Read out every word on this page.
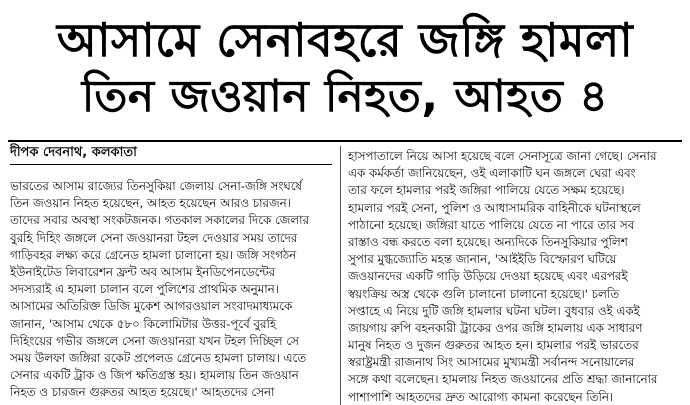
আসামে সেনাবহরে জঙ্গি হামলা
তিন জওয়ান নিহত, আহত ৪
দীপক দেবনাথ, কলকাতা
ভারতের আসাম রাজ্যের তিনসুকিয়া জেলায় সেনা-জঙ্গি সংঘর্ষে
তিন জওয়ান নিহত হয়েছেন, আহত হয়েছেন আরও চারজন।
তাদের সবার অবস্থা সংকটজনক। গতকাল সকালের দিকে জেলার
বুরহি দিহিং জঙ্গলে সেনা জওয়ানরা টহল দেওয়ার সময় তাদের
গাড়িবহর লক্ষ্য করে গ্রেনেড হামলা চালানো হয়। জঙ্গি সংগঠন
ইউনাইটেড লিবারেশন ফ্রন্ট অব আসাম ইনডিপেনডেন্টের
সদস্যরাই এ হামলা চালান বলে পুলিশের প্রাথমিক অনুমান।
আসামের অতিরিক্ত ডিজি মুকেশ আগরওয়াল সংবাদমাধ্যমকে
জানান, 'আসাম থেকে ৫৮০ কিলোমিটার উত্তর-পূর্বে বুরহি
দিহিংয়ের গভীর জঙ্গলে সেনা জওয়ানরা যখন টহল দিচ্ছিল সে
সময় উলফা জঙ্গিরা রকেট প্রপেলড গ্রেনেড হামলা চালায়। এতে
সেনার একটি ট্রাক ও জিপ ক্ষতিগ্রস্ত হয়। হামলায় তিন জওয়ান
নিহত ও চারজন গুরুতর আহত হয়েছে।' আহতদের সেনা
হাসপাতালে নিয়ে আসা হয়েছে বলে সেনাসূত্রে জানা গেছে। সেনার
এক কর্মকর্তা জানিয়েছেন, ওই এলাকাটি ঘন জঙ্গলে ঘেরা এবং
তার ফলে হামলার পরই জঙ্গিরা পালিয়ে যেতে সক্ষম হয়েছে।
হামলার পরই সেনা, পুলিশ ও আধাসামরিক বাহিনীকে ঘটনাস্থলে
পাঠানো হয়েছে। জঙ্গিরা যাতে পালিয়ে যেতে না পারে তার সব
রাস্তাও বন্ধ করতে বলা হয়েছে। অন্যদিকে তিনসুকিয়ার পুলিশ
সুপার মুগ্ধজ্যোতি মহন্ত জানান, 'আইইডি বিস্ফোরণ ঘটিয়ে
জওয়ানদের একটি গাড়ি উড়িয়ে দেওয়া হয়েছে এবং এরপরই
স্বয়ংক্রিয় অস্ত্র থেকে গুলি চালানো চালানো হয়েছে।' চলতি
সপ্তাহে এ নিয়ে দুটি জঙ্গি হামলার ঘটনা ঘটল। বুধবার ওই একই
জায়গায় রুপি বহনকারী ট্রাকের ওপর জঙ্গি হামলায় এক সাধারণ
মানুষ নিহত ও দুজন গুরুতর আহত হন। হামলার পরই ভারতের
স্বরাষ্ট্রমন্ত্রী রাজনাথ সিং আসামের মুখ্যমন্ত্রী সর্বানন্দ সনোয়ালের
সঙ্গে কথা বলেছেন। হামলায় নিহত জওয়ানের প্রতি শ্রদ্ধা জানানোর
পাশাপাশি আহতদের দ্রুত আরোগ্য কামনা করেছেন তিনি।
